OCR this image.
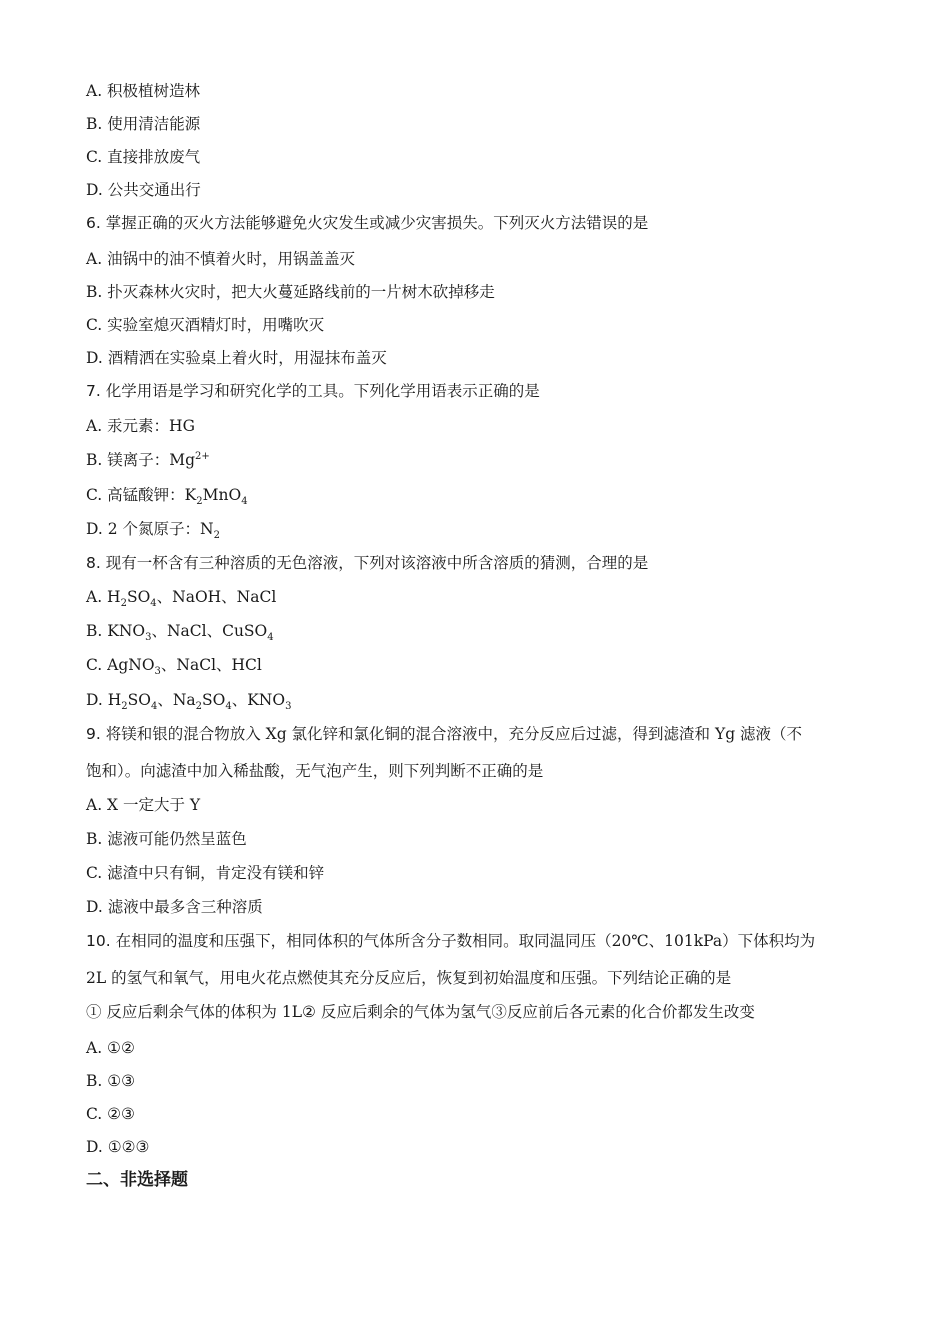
A. 积极植树造林
B. 使用清洁能源
C. 直接排放废气
D. 公共交通出行
6. 掌握正确的灭火方法能够避免火灾发生或减少灾害损失。下列灭火方法错误的是
A. 油锅中的油不慎着火时，用锅盖盖灭
B. 扑灭森林火灾时，把大火蔓延路线前的一片树木砍掉移走
C. 实验室熄灭酒精灯时，用嘴吹灭
D. 酒精洒在实验桌上着火时，用湿抹布盖灭
7. 化学用语是学习和研究化学的工具。下列化学用语表示正确的是
A. 汞元素：HG
B. 镁离子：$Mg^{2+}$
C. 高锰酸钾：$K_2MnO_4$
D. 2 个氮原子：$N_2$
8. 现有一杯含有三种溶质的无色溶液，下列对该溶液中所含溶质的猜测，合理的是
A. $H_2SO_4$、NaOH、NaCl
B. $KNO_3$、NaCl、CuSO$_4$
C. AgNO$_3$、NaCl、HCl
D. $H_2SO_4$、$Na_2SO_4$、$KNO_3$
9. 将镁和银的混合物放入 Xg 氯化锌和氯化铜的混合溶液中，充分反应后过滤，得到滤渣和 Yg 滤液（不
饱和）。向滤渣中加入稀盐酸，无气泡产生，则下列判断不正确的是
A. X 一定大于 Y
B. 滤液可能仍然呈蓝色
C. 滤渣中只有铜，肯定没有镁和锌
D. 滤液中最多含三种溶质
10. 在相同的温度和压强下，相同体积的气体所含分子数相同。取同温同压（20℃、101kPa）下体积均为
2L 的氢气和氧气，用电火花点燃使其充分反应后，恢复到初始温度和压强。下列结论正确的是
① 反应后剩余气体的体积为 1L② 反应后剩余的气体为氢气③反应前后各元素的化合价都发生改变
A. ①②
B. ①③
C. ②③
D. ①②③
二、非选择题
